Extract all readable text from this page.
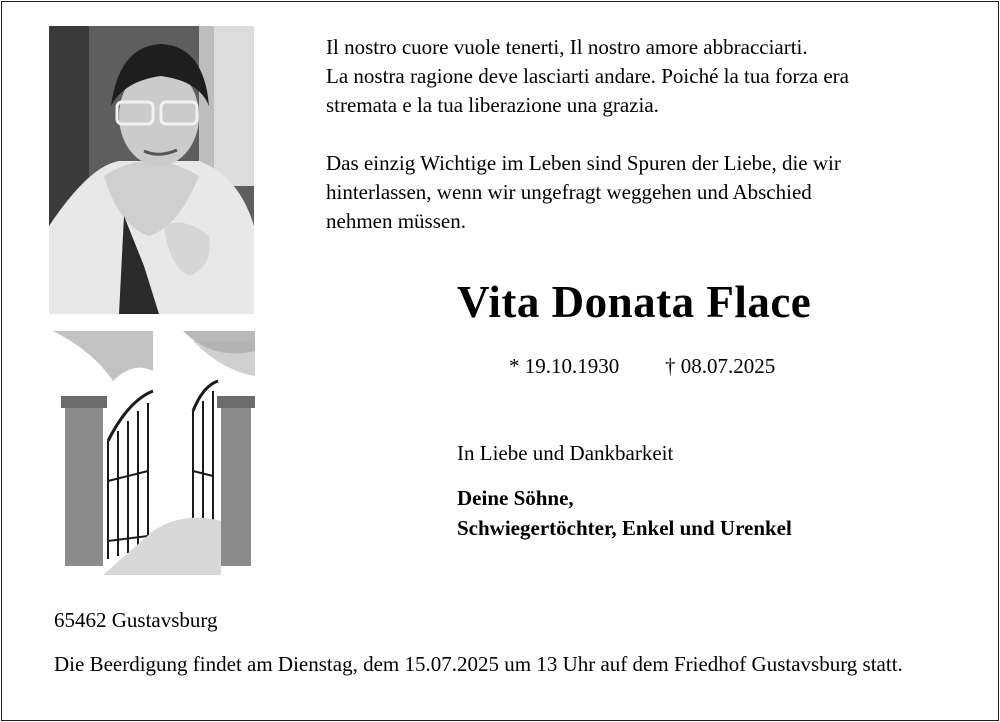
Il nostro cuore vuole tenerti, Il nostro amore abbracciarti.
La nostra ragione deve lasciarti andare. Poiché la tua forza era
stremata e la tua liberazione una grazia.
Das einzig Wichtige im Leben sind Spuren der Liebe, die wir
hinterlassen, wenn wir ungefragt weggehen und Abschied
nehmen müssen.
Vita Donata Flace
* 19.10.1930 † 08.07.2025
In Liebe und Dankbarkeit
Deine Söhne,
Schwiegertöchter, Enkel und Urenkel
65462 Gustavsburg
Die Beerdigung findet am Dienstag, dem 15.07.2025 um 13 Uhr auf dem Friedhof Gustavsburg statt.
